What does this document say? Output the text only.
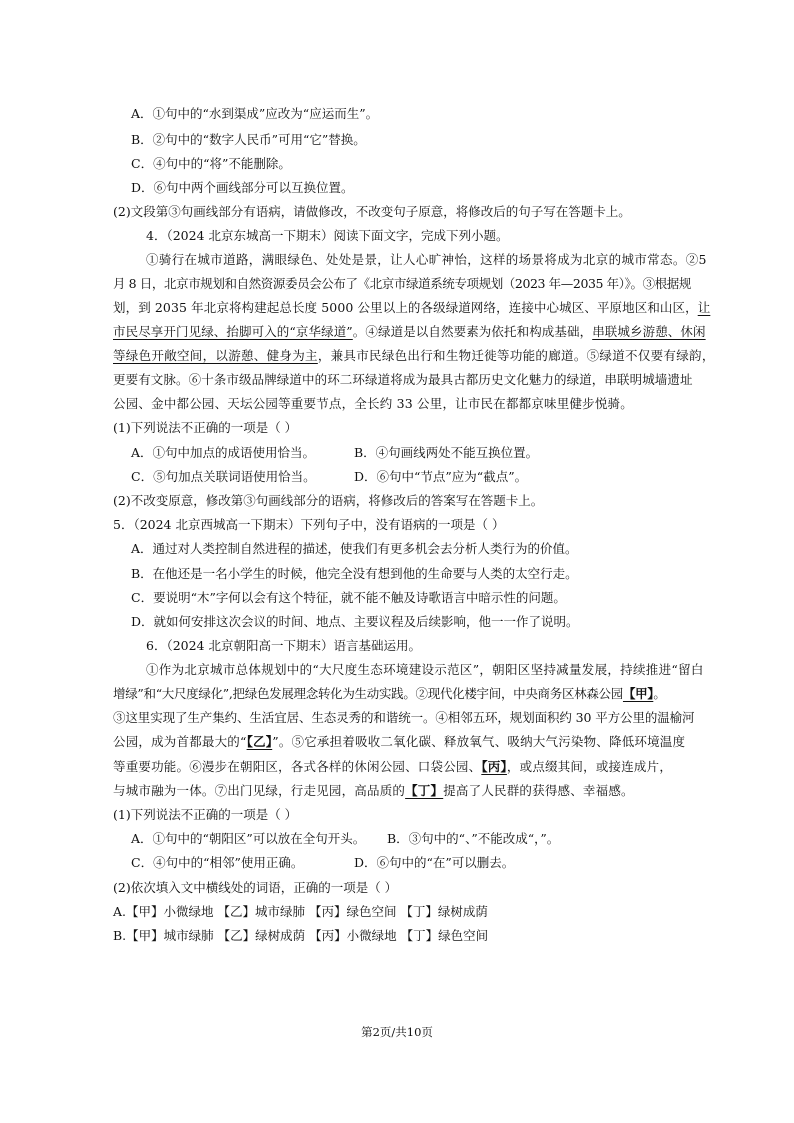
A．①句中的“水到渠成”应改为“应运而生”。
B．②句中的“数字人民币”可用“它”替换。
C．④句中的“将”不能删除。
D．⑥句中两个画线部分可以互换位置。
(2)文段第③句画线部分有语病，请做修改，不改变句子原意，将修改后的句子写在答题卡上。
4．（2024 北京东城高一下期末）阅读下面文字，完成下列小题。
①骑行在城市道路，满眼绿色、处处是景，让人心旷神怡，这样的场景将成为北京的城市常态。②5
月 8 日，北京市规划和自然资源委员会公布了《北京市绿道系统专项规划（2023 年—2035 年）》。③根据规
划，到 2035 年北京将构建起总长度 5000 公里以上的各级绿道网络，连接中心城区、平原地区和山区，让
市民尽享开门见绿、抬脚可入的“京华绿道”。④绿道是以自然要素为依托和构成基础，串联城乡游憩、休闲
等绿色开敞空间，以游憩、健身为主，兼具市民绿色出行和生物迁徙等功能的廊道。⑤绿道不仅要有绿韵，
更要有文脉。⑥十条市级品牌绿道中的环二环绿道将成为最具古都历史文化魅力的绿道，串联明城墙遗址
公园、金中都公园、天坛公园等重要节点，全长约 33 公里，让市民在都都京味里健步悦骑。
(1)下列说法不正确的一项是（ ）
A．①句中加点的成语使用恰当。	B．④句画线两处不能互换位置。
C．⑤句加点关联词语使用恰当。	D．⑥句中“节点”应为“截点”。
(2)不改变原意，修改第③句画线部分的语病，将修改后的答案写在答题卡上。
5．（2024 北京西城高一下期末）下列句子中，没有语病的一项是（ ）
A．通过对人类控制自然进程的描述，使我们有更多机会去分析人类行为的价值。
B．在他还是一名小学生的时候，他完全没有想到他的生命要与人类的太空行走。
C．要说明“木”字何以会有这个特征，就不能不触及诗歌语言中暗示性的问题。
D．就如何安排这次会议的时间、地点、主要议程及后续影响，他一一作了说明。
6．（2024 北京朝阳高一下期末）语言基础运用。
①作为北京城市总体规划中的“大尺度生态环境建设示范区”，朝阳区坚持减量发展，持续推进“留白
增绿”和“大尺度绿化”,把绿色发展理念转化为生动实践。②现代化楼宇间，中央商务区林森公园【甲】。
③这里实现了生产集约、生活宜居、生态灵秀的和谐统一。④相邻五环，规划面积约 30 平方公里的温榆河
公园，成为首都最大的“【乙】”。⑤它承担着吸收二氧化碳、释放氧气、吸纳大气污染物、降低环境温度
等重要功能。⑥漫步在朝阳区，各式各样的休闲公园、口袋公园、【丙】，或点缀其间，或接连成片，
与城市融为一体。⑦出门见绿，行走见园，高品质的【丁】提高了人民群的获得感、幸福感。
(1)下列说法不正确的一项是（ ）
A．①句中的“朝阳区”可以放在全句开头。 B．③句中的“、”不能改成“，”。
C．④句中的“相邻”使用正确。	D．⑥句中的“在”可以删去。
(2)依次填入文中横线处的词语，正确的一项是（ ）
A.【甲】小微绿地 【乙】城市绿肺 【丙】绿色空间 【丁】绿树成荫
B.【甲】城市绿肺 【乙】绿树成荫 【丙】小微绿地 【丁】绿色空间
第2页/共10页
